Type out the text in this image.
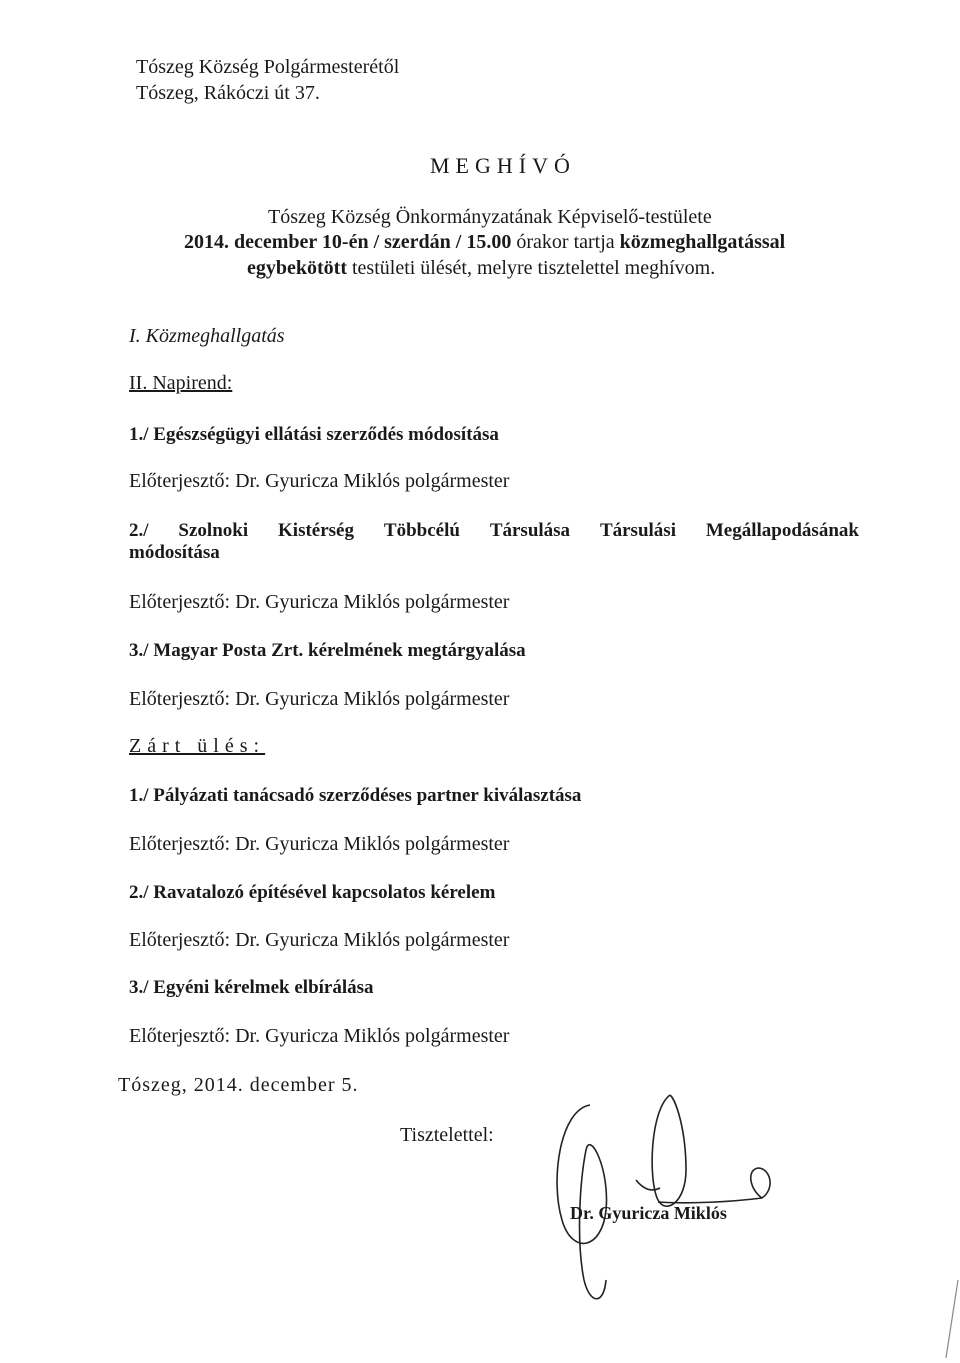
Tószeg Község Polgármesterétől
Tószeg, Rákóczi út 37.
MEGHÍVÓ
Tószeg Község Önkormányzatának Képviselő-testülete
2014. december 10-én / szerdán / 15.00 órakor tartja közmeghallgatással
egybekötött testületi ülését, melyre tisztelettel meghívom.
I. Közmeghallgatás
II. Napirend:
1./ Egészségügyi ellátási szerződés módosítása
Előterjesztő: Dr. Gyuricza Miklós polgármester
2./ Szolnoki Kistérség Többcélú Társulása Társulási Megállapodásának
módosítása
Előterjesztő: Dr. Gyuricza Miklós polgármester
3./ Magyar Posta Zrt. kérelmének megtárgyalása
Előterjesztő: Dr. Gyuricza Miklós polgármester
Zárt ülés:
1./ Pályázati tanácsadó szerződéses partner kiválasztása
Előterjesztő: Dr. Gyuricza Miklós polgármester
2./ Ravatalozó építésével kapcsolatos kérelem
Előterjesztő: Dr. Gyuricza Miklós polgármester
3./ Egyéni kérelmek elbírálása
Előterjesztő: Dr. Gyuricza Miklós polgármester
Tószeg, 2014. december 5.
Tisztelettel:
Dr. Gyuricza Miklós
